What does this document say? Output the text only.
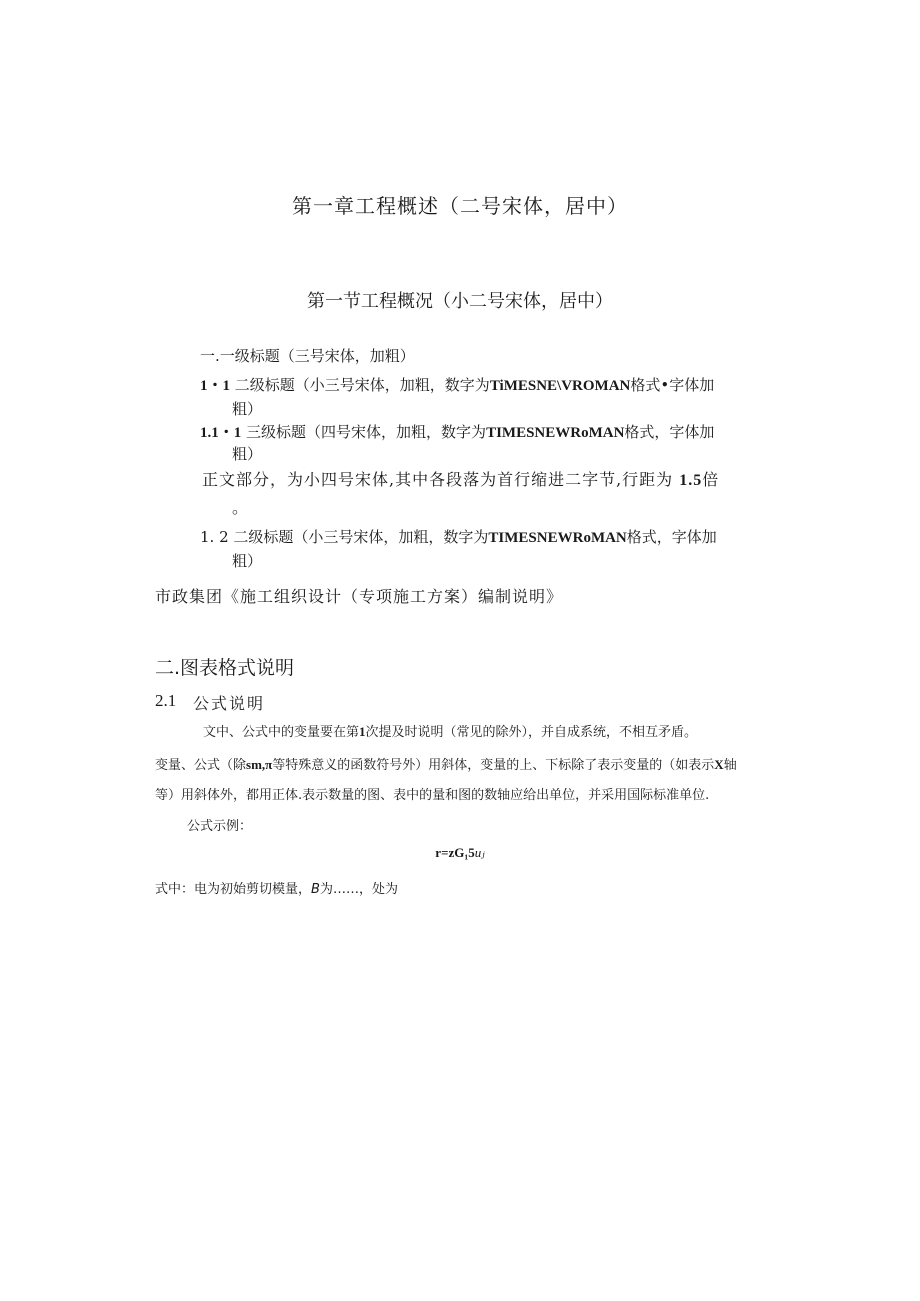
第一章工程概述（二号宋体，居中）
第一节工程概况（小二号宋体，居中）
一.一级标题（三号宋体，加粗）
1・1 二级标题（小三号宋体，加粗，数字为TiMESNE\VROMAN格式•字体加
粗）
1.1・1 三级标题（四号宋体，加粗，数字为TIMESNEWRoMAN格式，字体加
粗）
正文部分，为小四号宋体,其中各段落为首行缩进二字节,行距为 1.5倍
。
1. 2 二级标题（小三号宋体，加粗，数字为TIMESNEWRoMAN格式，字体加
粗）
市政集团《施工组织设计（专项施工方案）编制说明》
二.图表格式说明
2.1 公式说明
文中、公式中的变量要在第1次提及时说明（常见的除外），并自成系统，不相互矛盾。
变量、公式（除sm,π等特殊意义的函数符号外）用斜体，变量的上、下标除了表示变量的（如表示X轴
等）用斜体外，都用正体.表示数量的图、表中的量和图的数轴应给出单位，并采用国际标准单位.
公式示例：
r=zG₁5uⱼ
式中：电为初始剪切模量，B为……，处为
